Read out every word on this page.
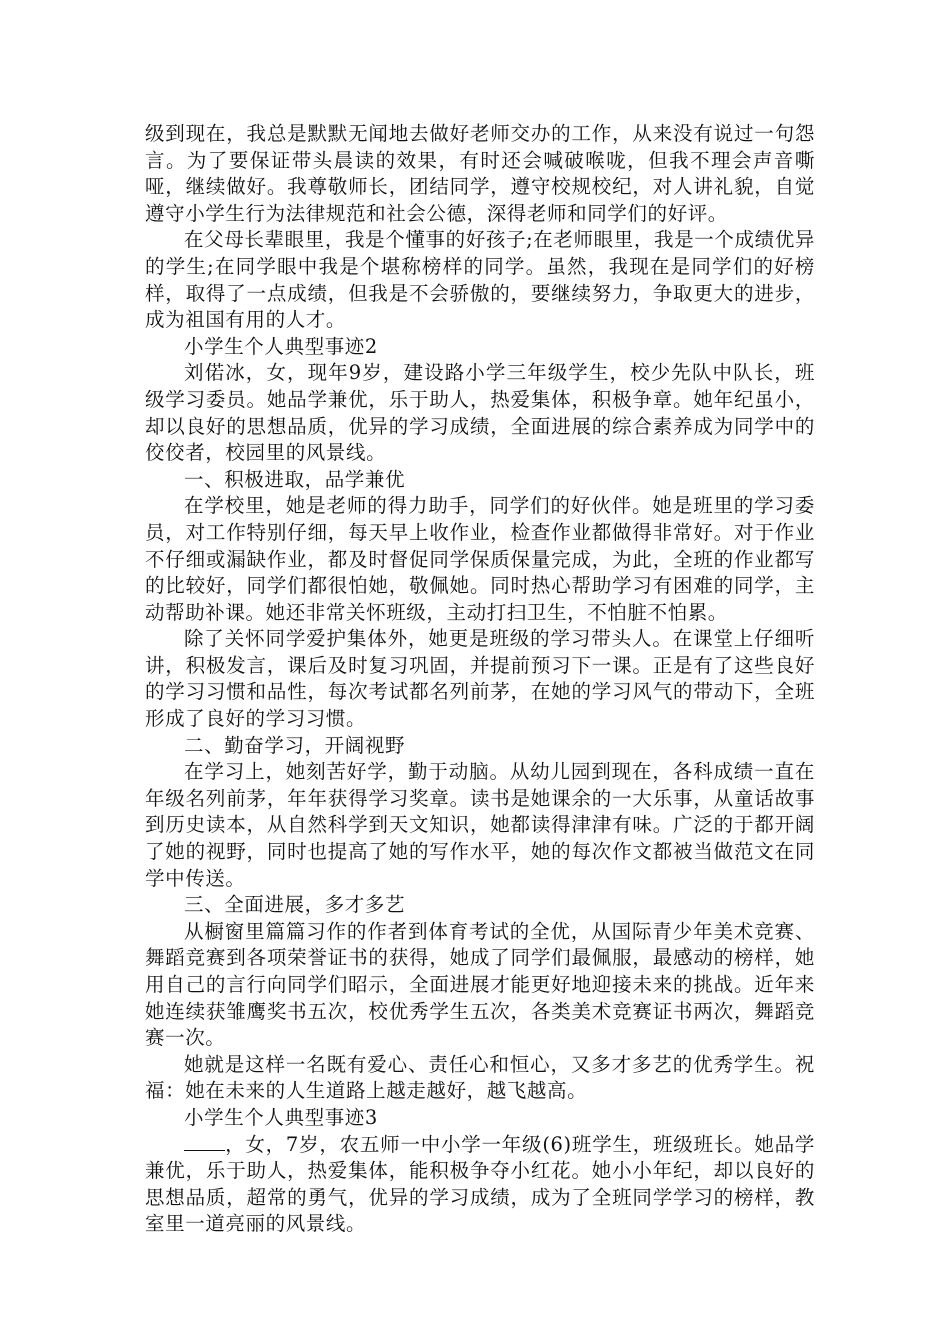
级到现在，我总是默默无闻地去做好老师交办的工作，从来没有说过一句怨言。为了要保证带头晨读的效果，有时还会喊破喉咙，但我不理会声音嘶哑，继续做好。我尊敬师长，团结同学，遵守校规校纪，对人讲礼貌，自觉遵守小学生行为法律规范和社会公德，深得老师和同学们的好评。

在父母长辈眼里，我是个懂事的好孩子;在老师眼里，我是一个成绩优异的学生;在同学眼中我是个堪称榜样的同学。虽然，我现在是同学们的好榜样，取得了一点成绩，但我是不会骄傲的，要继续努力，争取更大的进步，成为祖国有用的人才。

小学生个人典型事迹2

刘偌冰，女，现年9岁，建设路小学三年级学生，校少先队中队长，班级学习委员。她品学兼优，乐于助人，热爱集体，积极争章。她年纪虽小，却以良好的思想品质，优异的学习成绩，全面进展的综合素养成为同学中的佼佼者，校园里的风景线。

一、积极进取，品学兼优

在学校里，她是老师的得力助手，同学们的好伙伴。她是班里的学习委员，对工作特别仔细，每天早上收作业，检查作业都做得非常好。对于作业不仔细或漏缺作业，都及时督促同学保质保量完成，为此，全班的作业都写的比较好，同学们都很怕她，敬佩她。同时热心帮助学习有困难的同学，主动帮助补课。她还非常关怀班级，主动打扫卫生，不怕脏不怕累。

除了关怀同学爱护集体外，她更是班级的学习带头人。在课堂上仔细听讲，积极发言，课后及时复习巩固，并提前预习下一课。正是有了这些良好的学习习惯和品性，每次考试都名列前茅，在她的学习风气的带动下，全班形成了良好的学习习惯。

二、勤奋学习，开阔视野

在学习上，她刻苦好学，勤于动脑。从幼儿园到现在，各科成绩一直在年级名列前茅，年年获得学习奖章。读书是她课余的一大乐事，从童话故事到历史读本，从自然科学到天文知识，她都读得津津有味。广泛的于都开阔了她的视野，同时也提高了她的写作水平，她的每次作文都被当做范文在同学中传送。

三、全面进展，多才多艺

从橱窗里篇篇习作的作者到体育考试的全优，从国际青少年美术竞赛、舞蹈竞赛到各项荣誉证书的获得，她成了同学们最佩服，最感动的榜样，她用自己的言行向同学们昭示，全面进展才能更好地迎接未来的挑战。近年来她连续获雏鹰奖书五次，校优秀学生五次，各类美术竞赛证书两次，舞蹈竞赛一次。

她就是这样一名既有爱心、责任心和恒心，又多才多艺的优秀学生。祝福：她在未来的人生道路上越走越好，越飞越高。

小学生个人典型事迹3

，女，7岁，农五师一中小学一年级(6)班学生，班级班长。她品学兼优，乐于助人，热爱集体，能积极争夺小红花。她小小年纪，却以良好的思想品质，超常的勇气，优异的学习成绩，成为了全班同学学习的榜样，教室里一道亮丽的风景线。
